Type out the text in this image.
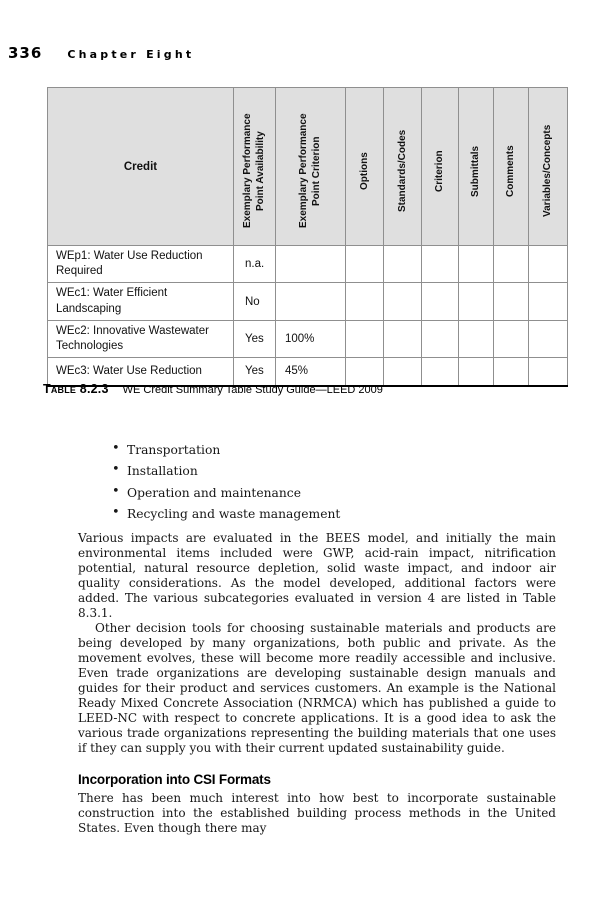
336 Chapter Eight
Credit	Exemplary Performance Point Availability	Exemplary Performance Point Criterion	Options	Standards/Codes	Criterion	Submittals	Comments	Variables/Concepts

WEp1: Water Use Reduction Required	n.a.							
WEc1: Water Efficient Landscaping	No							
WEc2: Innovative Wastewater Technologies	Yes	100%						
WEc3: Water Use Reduction	Yes	45%						
Table 8.2.3 WE Credit Summary Table Study Guide—LEED 2009
• Transportation
• Installation
• Operation and maintenance
• Recycling and waste management

Various impacts are evaluated in the BEES model, and initially the main environmental items included were GWP, acid-rain impact, nitrification potential, natural resource depletion, solid waste impact, and indoor air quality considerations. As the model developed, additional factors were added. The various subcategories evaluated in version 4 are listed in Table 8.3.1.

Other decision tools for choosing sustainable materials and products are being developed by many organizations, both public and private. As the movement evolves, these will become more readily accessible and inclusive. Even trade organizations are developing sustainable design manuals and guides for their product and services customers. An example is the National Ready Mixed Concrete Association (NRMCA) which has published a guide to LEED-NC with respect to concrete applications. It is a good idea to ask the various trade organizations representing the building materials that one uses if they can supply you with their current updated sustainability guide.

Incorporation into CSI Formats

There has been much interest into how best to incorporate sustainable construction into the established building process methods in the United States. Even though there may
